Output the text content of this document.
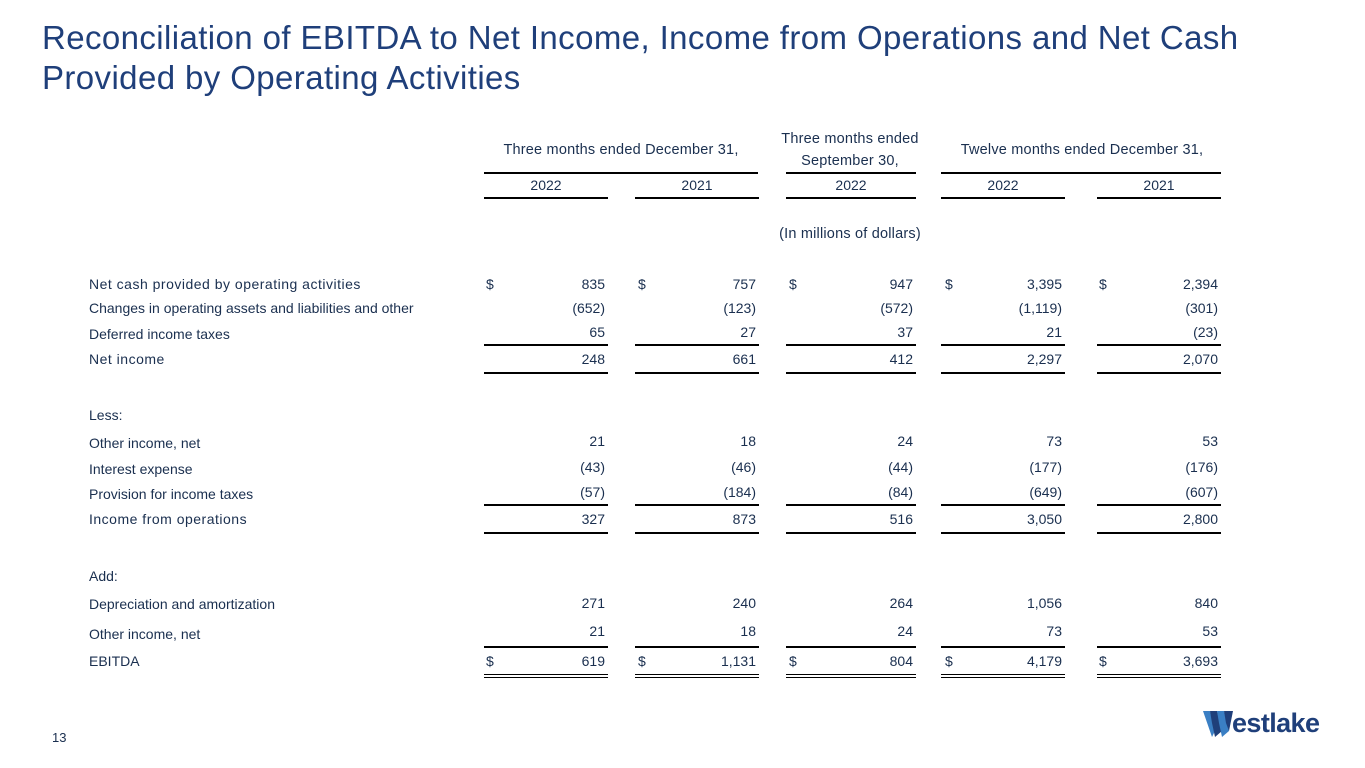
Reconciliation of EBITDA to Net Income, Income from Operations and Net Cash Provided by Operating Activities
Three months ended December 31,
Three months ended
September 30,
Twelve months ended December 31,
2022	2021	2022	2022	2021
(In millions of dollars)
Net cash provided by operating activities	$	835 $	757 $	947 $	3,395	$	2,394
Changes in operating assets and liabilities and other	(652)	(123)	(572)	(1,119)	(301)
Deferred income taxes	65	27	37	21	(23)
Net income	248	661	412	2,297	2,070
Less:
Other income, net	21	18	24	73	53
Interest expense	(43)	(46)	(44)	(177)	(176)
Provision for income taxes	(57)	(184)	(84)	(649)	(607)
Income from operations	327	873	516	3,050	2,800
Add:
Depreciation and amortization	271	240	264	1,056	840
Other income, net	21	18	24	73	53
EBITDA	$	619 $	1,131 $	804 $	4,179	$	3,693
13	estlake
